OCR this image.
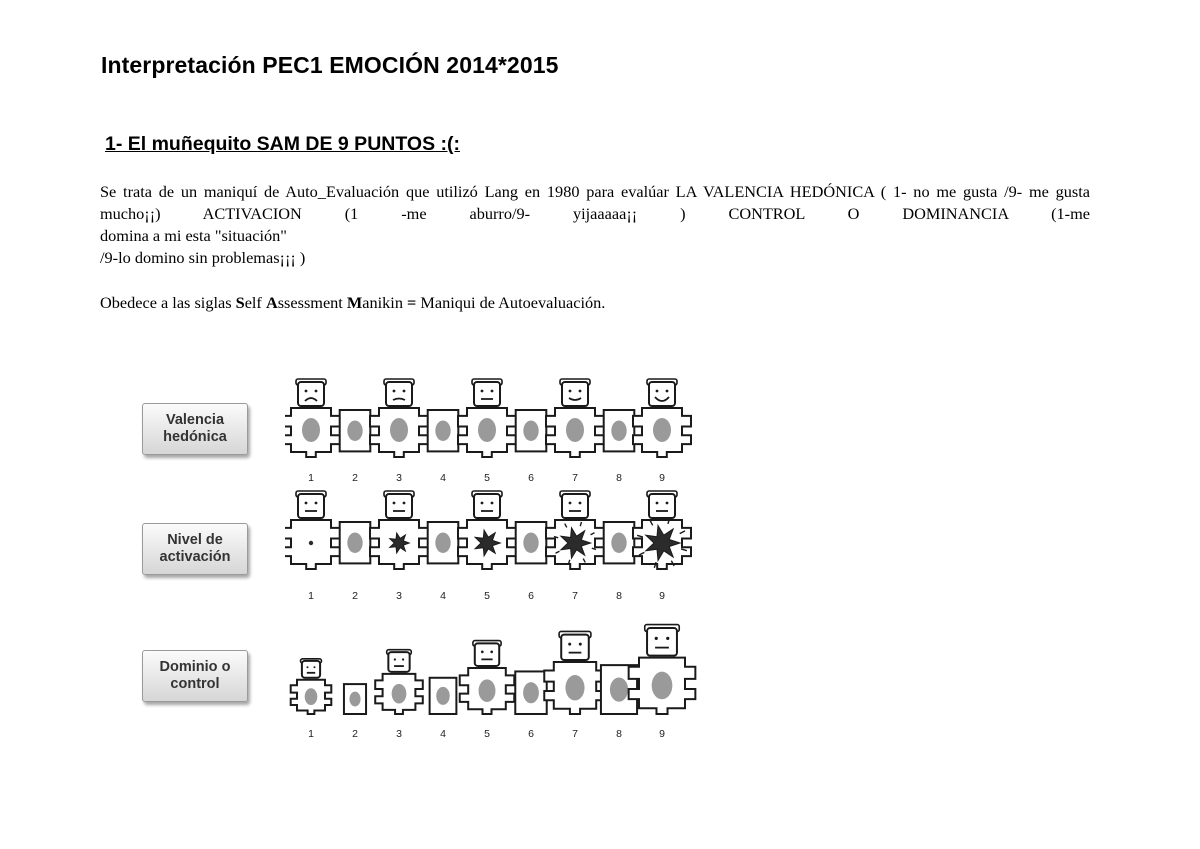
Interpretación PEC1 EMOCIÓN 2014*2015
1- El muñequito SAM DE 9 PUNTOS :(:
Se trata de un maniquí de Auto_Evaluación que utilizó Lang en 1980 para evalúar LA VALENCIA HEDÓNICA ( 1- no me gusta /9- me gusta mucho¡¡) ACTIVACION (1 -me aburro/9- yijaaaaa¡¡ ) CONTROL O DOMINANCIA (1-me
domina a mi esta "situación"
/9-lo domino sin problemas¡¡¡ )
Obedece a las siglas Self Assessment Manikin = Maniqui de Autoevaluación.
Valencia
hedónica
1	2	3	4	5	6	7	8	9
Nivel de
activación
1	2	3	4	5	6	7	8	9
Dominio o
control
1	2	3	4	5	6	7	8	9
